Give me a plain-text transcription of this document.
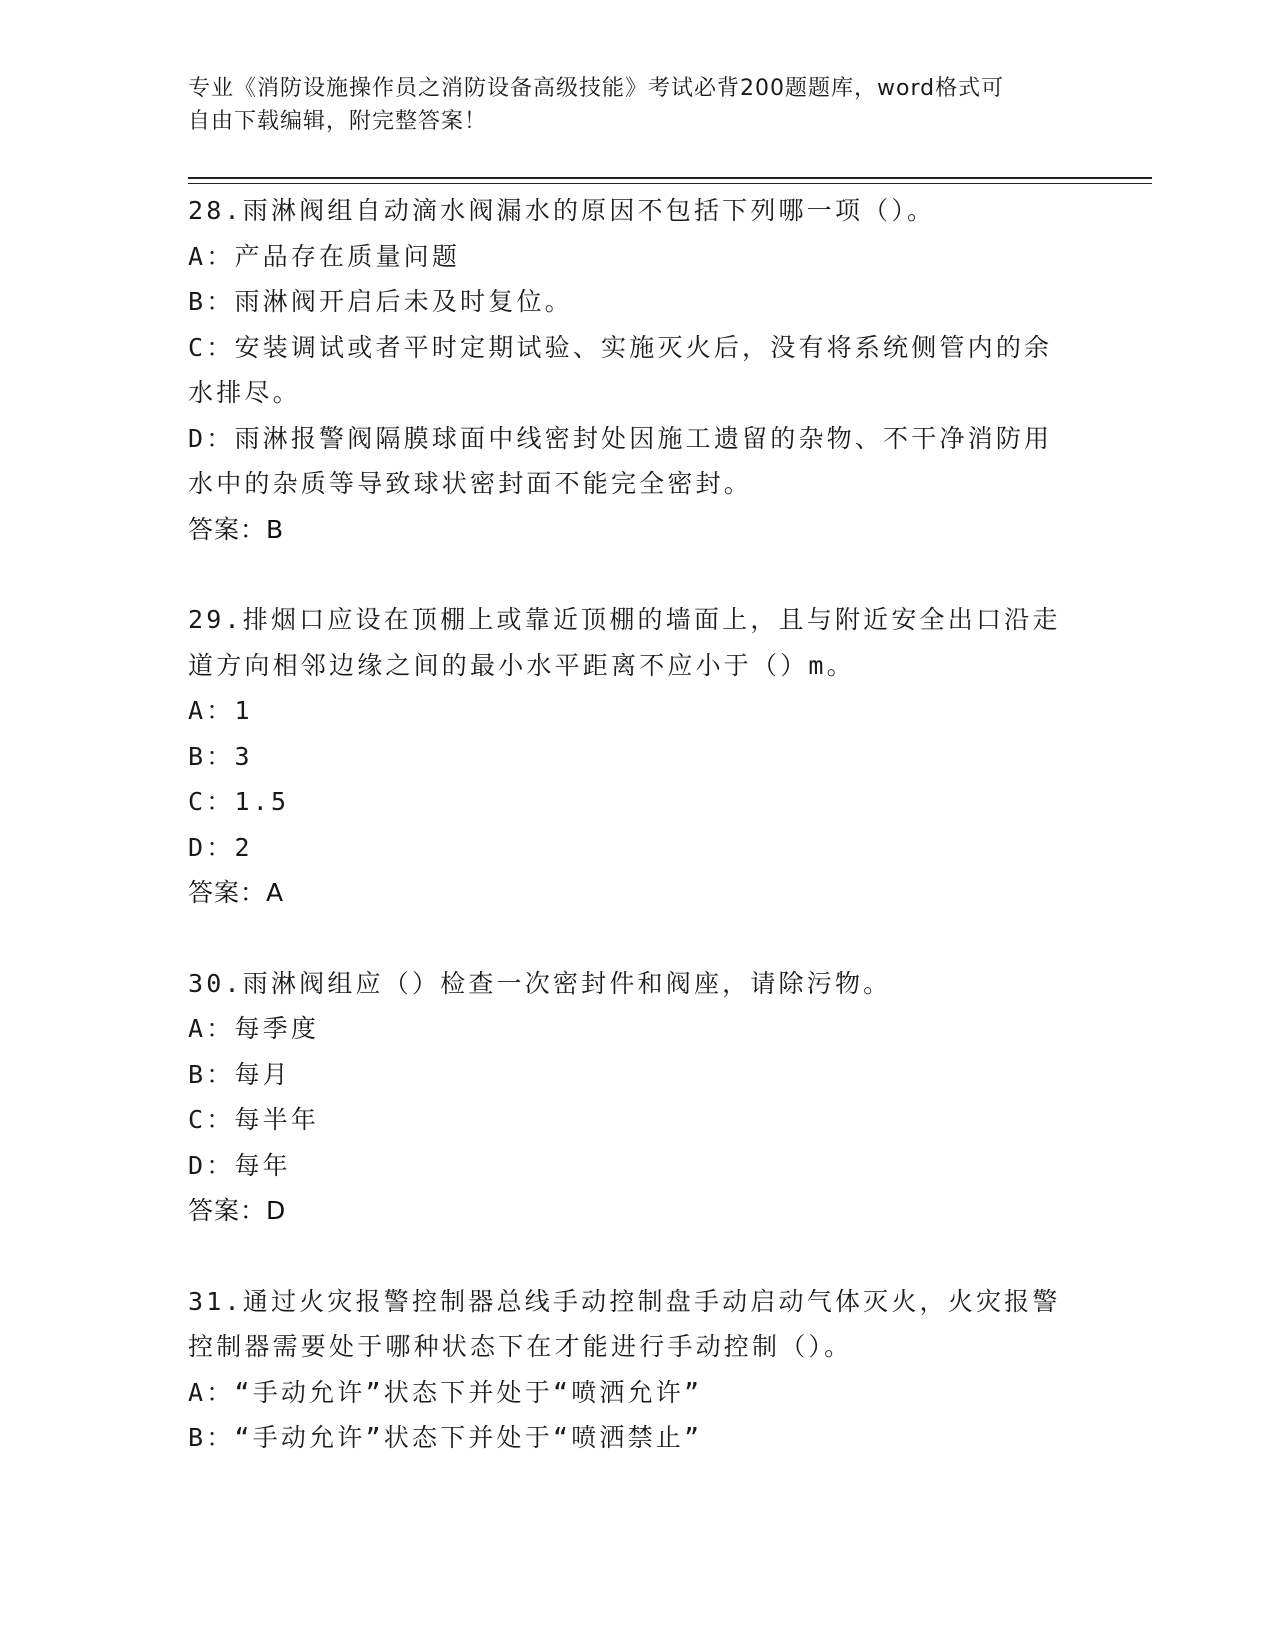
专业《消防设施操作员之消防设备高级技能》考试必背200题题库，word格式可
自由下载编辑，附完整答案！
28.雨淋阀组自动滴水阀漏水的原因不包括下列哪一项（）。
A：产品存在质量问题
B：雨淋阀开启后未及时复位。
C：安装调试或者平时定期试验、实施灭火后，没有将系统侧管内的余
水排尽。
D：雨淋报警阀隔膜球面中线密封处因施工遗留的杂物、不干净消防用
水中的杂质等导致球状密封面不能完全密封。
答案：B
29.排烟口应设在顶棚上或靠近顶棚的墙面上，且与附近安全出口沿走
道方向相邻边缘之间的最小水平距离不应小于（）m。
A：1
B：3
C：1.5
D：2
答案：A
30.雨淋阀组应（）检查一次密封件和阀座，请除污物。
A：每季度
B：每月
C：每半年
D：每年
答案：D
31.通过火灾报警控制器总线手动控制盘手动启动气体灭火，火灾报警
控制器需要处于哪种状态下在才能进行手动控制（）。
A：“手动允许”状态下并处于“喷洒允许”
B：“手动允许”状态下并处于“喷洒禁止”
